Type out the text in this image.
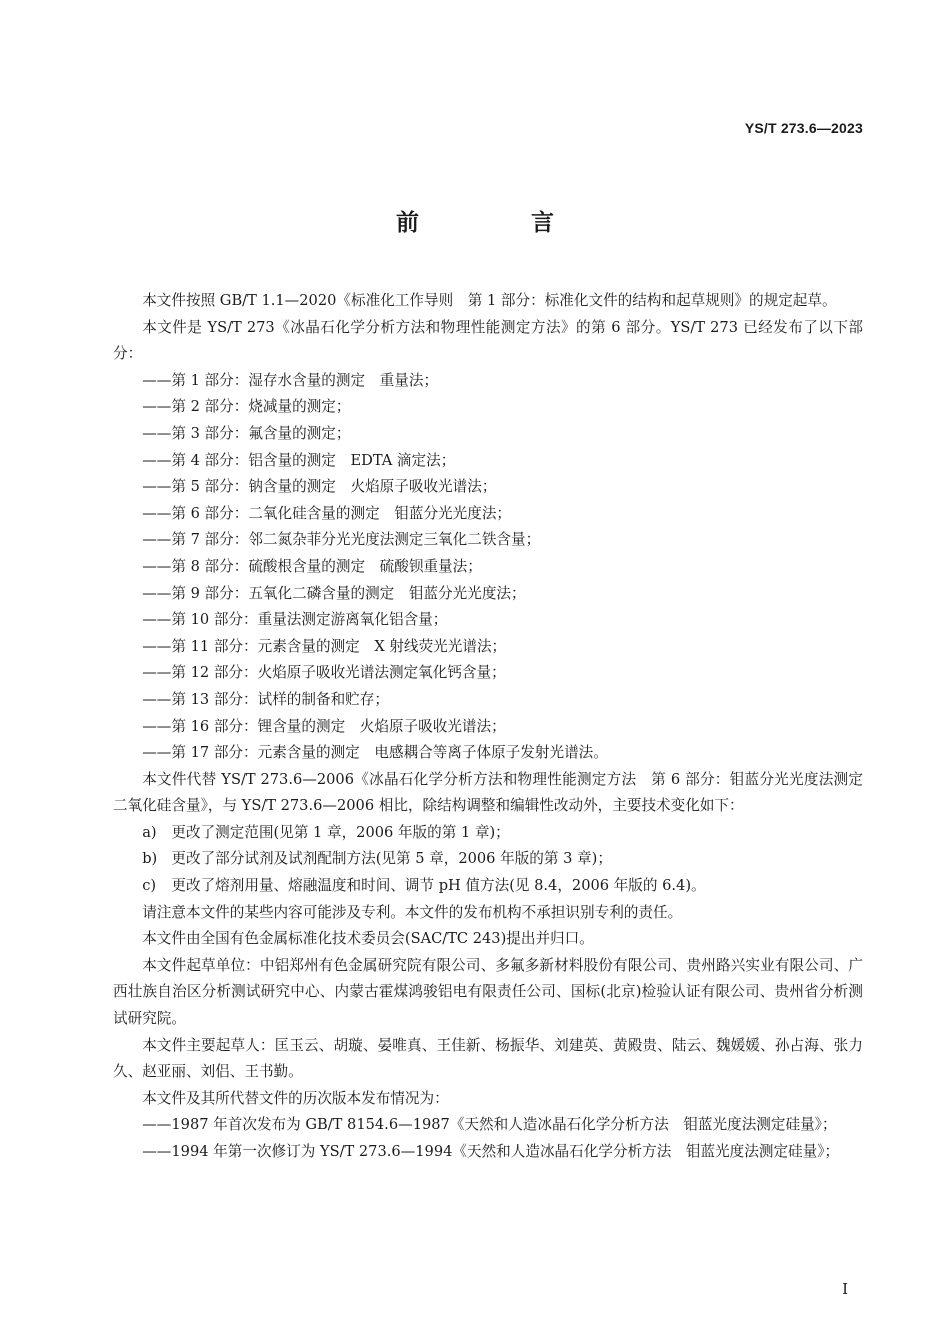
YS/T 273.6—2023
前 言

本文件按照 GB/T 1.1—2020《标准化工作导则　第 1 部分：标准化文件的结构和起草规则》的规定起草。

本文件是 YS/T 273《冰晶石化学分析方法和物理性能测定方法》的第 6 部分。YS/T 273 已经发布了以下部分：

——第 1 部分：湿存水含量的测定　重量法；

——第 2 部分：烧减量的测定；

——第 3 部分：氟含量的测定；

——第 4 部分：铝含量的测定　EDTA 滴定法；

——第 5 部分：钠含量的测定　火焰原子吸收光谱法；

——第 6 部分：二氧化硅含量的测定　钼蓝分光光度法；

——第 7 部分：邻二氮杂菲分光光度法测定三氧化二铁含量；

——第 8 部分：硫酸根含量的测定　硫酸钡重量法；

——第 9 部分：五氧化二磷含量的测定　钼蓝分光光度法；

——第 10 部分：重量法测定游离氧化铝含量；

——第 11 部分：元素含量的测定　X 射线荧光光谱法；

——第 12 部分：火焰原子吸收光谱法测定氧化钙含量；

——第 13 部分：试样的制备和贮存；

——第 16 部分：锂含量的测定　火焰原子吸收光谱法；

——第 17 部分：元素含量的测定　电感耦合等离子体原子发射光谱法。

本文件代替 YS/T 273.6—2006《冰晶石化学分析方法和物理性能测定方法　第 6 部分：钼蓝分光光度法测定二氧化硅含量》，与 YS/T 273.6—2006 相比，除结构调整和编辑性改动外，主要技术变化如下：

a) 更改了测定范围(见第 1 章，2006 年版的第 1 章)；

b) 更改了部分试剂及试剂配制方法(见第 5 章，2006 年版的第 3 章)；

c) 更改了熔剂用量、熔融温度和时间、调节 pH 值方法(见 8.4，2006 年版的 6.4)。

请注意本文件的某些内容可能涉及专利。本文件的发布机构不承担识别专利的责任。

本文件由全国有色金属标准化技术委员会(SAC/TC 243)提出并归口。

本文件起草单位：中铝郑州有色金属研究院有限公司、多氟多新材料股份有限公司、贵州路兴实业有限公司、广西壮族自治区分析测试研究中心、内蒙古霍煤鸿骏铝电有限责任公司、国标(北京)检验认证有限公司、贵州省分析测试研究院。

本文件主要起草人：匡玉云、胡璇、晏唯真、王佳新、杨振华、刘建英、黄殿贵、陆云、魏媛媛、孙占海、张力久、赵亚丽、刘侣、王书勤。

本文件及其所代替文件的历次版本发布情况为：

——1987 年首次发布为 GB/T 8154.6—1987《天然和人造冰晶石化学分析方法　钼蓝光度法测定硅量》；

——1994 年第一次修订为 YS/T 273.6—1994《天然和人造冰晶石化学分析方法　钼蓝光度法测定硅量》；

I
